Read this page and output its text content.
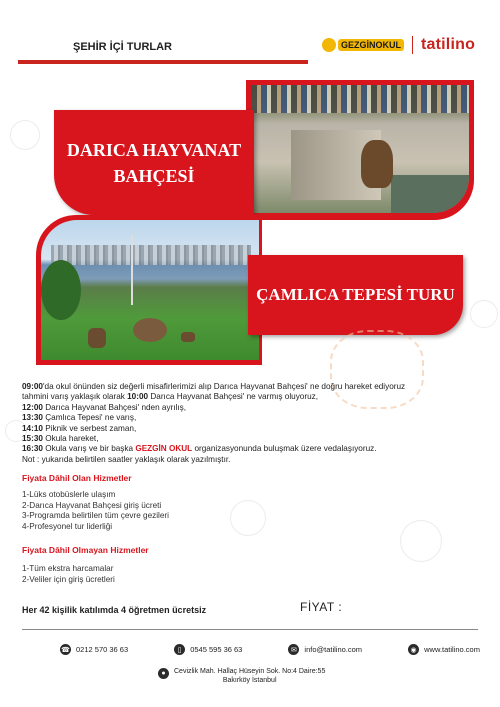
ŞEHİR İÇİ TURLAR	GEZGİNOKUL tatilino
DARICA HAYVANAT
BAHÇESİ
ÇAMLICA TEPESİ TURU
09:00'da okul önünden siz değerli misafirlerimizi alıp Darıca Hayvanat Bahçesi' ne doğru hareket ediyoruz
tahmini varış yaklaşık olarak 10:00 Darıca Hayvanat Bahçesi' ne varmış oluyoruz,
12:00 Darıca Hayvanat Bahçesi' nden ayrılış,
13:30 Çamlıca Tepesi' ne varış,
14:10 Piknik ve serbest zaman,
15:30 Okula hareket,
16:30 Okula varış ve bir başka GEZGİN OKUL organizasyonunda buluşmak üzere vedalaşıyoruz.
Not : yukarıda belirtilen saatler yaklaşık olarak yazılmıştır.
Fiyata Dâhil Olan Hizmetler
1-Lüks otobüslerle ulaşım
2-Darıca Hayvanat Bahçesi giriş ücreti
3-Programda belirtilen tüm çevre gezileri
4-Profesyonel tur liderliği
Fiyata Dâhil Olmayan Hizmetler
1-Tüm ekstra harcamalar
2-Veliler için giriş ücretleri
Her 42 kişilik katılımda 4 öğretmen ücretsiz	FİYAT :
☎ 0212 570 36 63	▯	0545 595 36 63	✉	info@tatilino.com	◉ www.tatilino.com
●	Cevizlik Mah. Hallaç Hüseyin Sok. No:4 Daire:55
Bakırköy İstanbul
